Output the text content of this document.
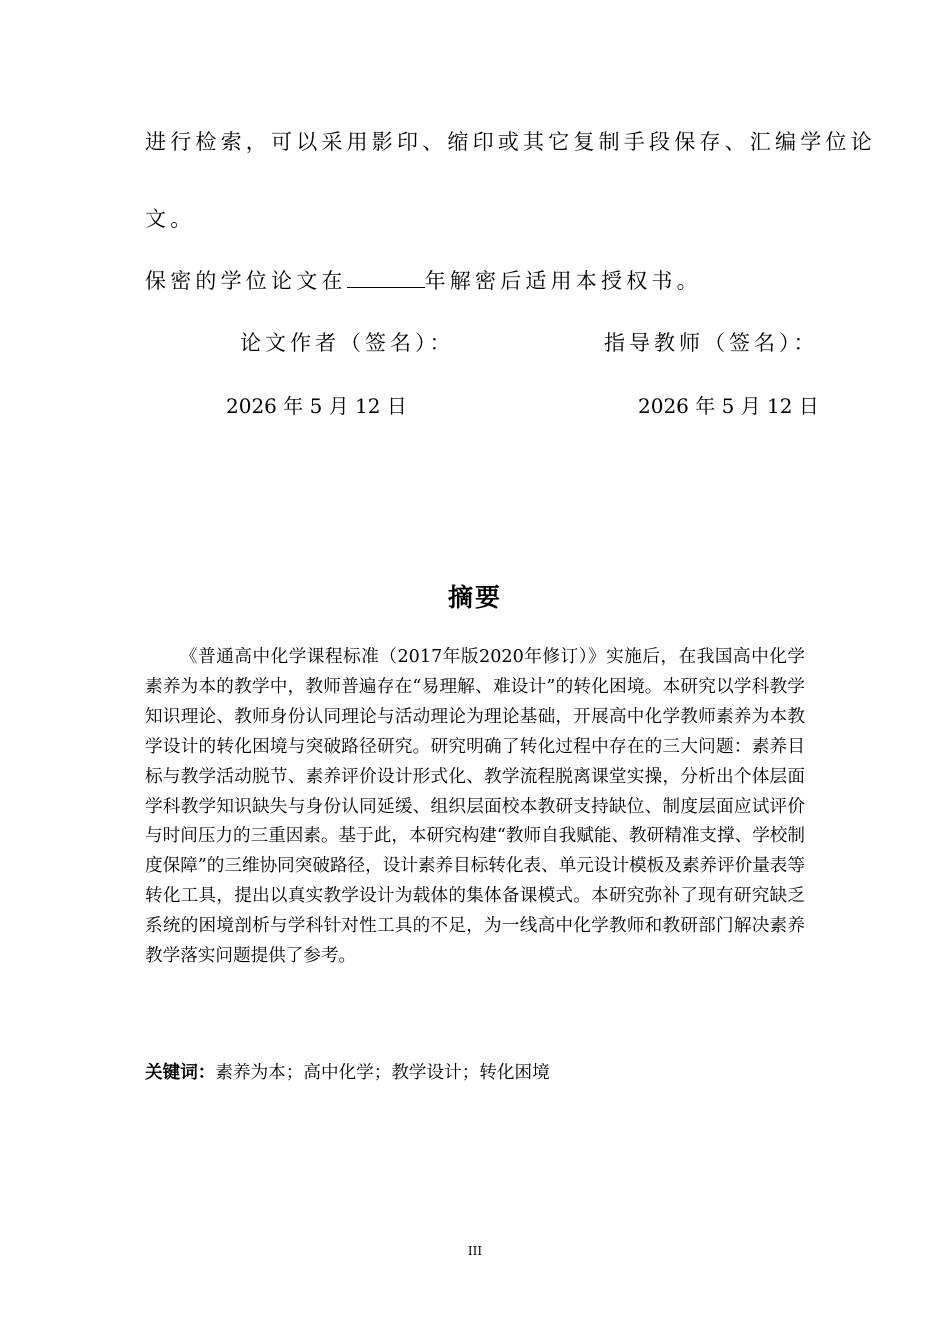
进行检索，可以采用影印、缩印或其它复制手段保存、汇编学位论
文。
保密的学位论文在	年解密后适用本授权书。
论文作者（签名）：	指导教师（签名）：
2026 年 5 月 12 日	2026 年 5 月 12 日
摘要

《普通高中化学课程标准（2017年版2020年修订）》实施后，在我国高中化学素养为本的教学中，教师普遍存在“易理解、难设计”的转化困境。本研究以学科教学知识理论、教师身份认同理论与活动理论为理论基础，开展高中化学教师素养为本教学设计的转化困境与突破路径研究。研究明确了转化过程中存在的三大问题：素养目标与教学活动脱节、素养评价设计形式化、教学流程脱离课堂实操，分析出个体层面学科教学知识缺失与身份认同延缓、组织层面校本教研支持缺位、制度层面应试评价与时间压力的三重因素。基于此，本研究构建“教师自我赋能、教研精准支撑、学校制度保障”的三维协同突破路径，设计素养目标转化表、单元设计模板及素养评价量表等转化工具，提出以真实教学设计为载体的集体备课模式。本研究弥补了现有研究缺乏系统的困境剖析与学科针对性工具的不足，为一线高中化学教师和教研部门解决素养教学落实问题提供了参考。

关键词：素养为本；高中化学；教学设计；转化困境
III
